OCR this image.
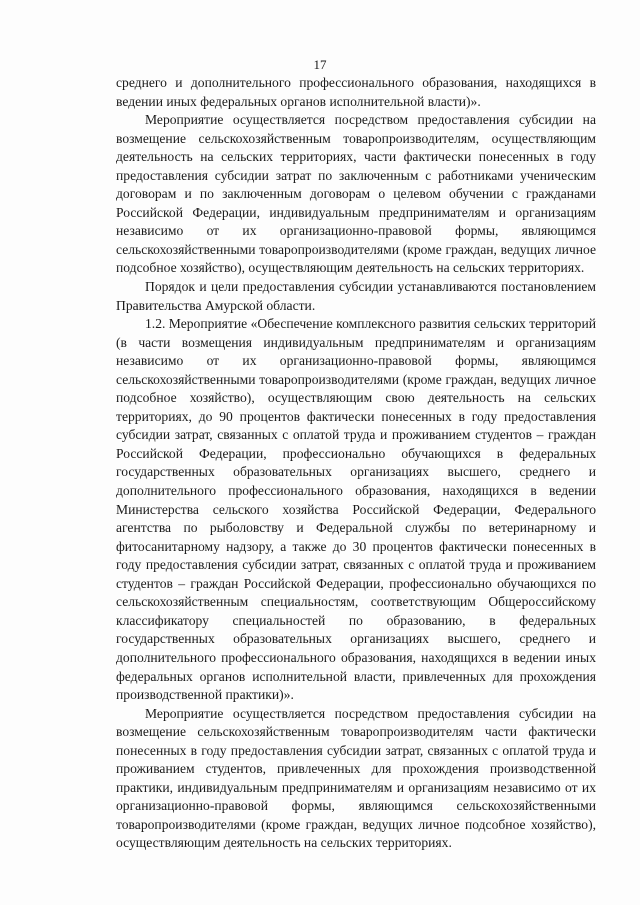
17

среднего и дополнительного профессионального образования, находящихся в ведении иных федеральных органов исполнительной власти)».

Мероприятие осуществляется посредством предоставления субсидии на возмещение сельскохозяйственным товаропроизводителям, осуществляющим деятельность на сельских территориях, части фактически понесенных в году предоставления субсидии затрат по заключенным с работниками ученическим договорам и по заключенным договорам о целевом обучении с гражданами Российской Федерации, индивидуальным предпринимателям и организациям независимо от их организационно-правовой формы, являющимся сельскохозяйственными товаропроизводителями (кроме граждан, ведущих личное подсобное хозяйство), осуществляющим деятельность на сельских территориях.

Порядок и цели предоставления субсидии устанавливаются постановлением Правительства Амурской области.

1.2. Мероприятие «Обеспечение комплексного развития сельских территорий (в части возмещения индивидуальным предпринимателям и организациям независимо от их организационно-правовой формы, являющимся сельскохозяйственными товаропроизводителями (кроме граждан, ведущих личное подсобное хозяйство), осуществляющим свою деятельность на сельских территориях, до 90 процентов фактически понесенных в году предоставления субсидии затрат, связанных с оплатой труда и проживанием студентов – граждан Российской Федерации, профессионально обучающихся в федеральных государственных образовательных организациях высшего, среднего и дополнительного профессионального образования, находящихся в ведении Министерства сельского хозяйства Российской Федерации, Федерального агентства по рыболовству и Федеральной службы по ветеринарному и фитосанитарному надзору, а также до 30 процентов фактически понесенных в году предоставления субсидии затрат, связанных с оплатой труда и проживанием студентов – граждан Российской Федерации, профессионально обучающихся по сельскохозяйственным специальностям, соответствующим Общероссийскому классификатору специальностей по образованию, в федеральных государственных образовательных организациях высшего, среднего и дополнительного профессионального образования, находящихся в ведении иных федеральных органов исполнительной власти, привлеченных для прохождения производственной практики)».

Мероприятие осуществляется посредством предоставления субсидии на возмещение сельскохозяйственным товаропроизводителям части фактически понесенных в году предоставления субсидии затрат, связанных с оплатой труда и проживанием студентов, привлеченных для прохождения производственной практики, индивидуальным предпринимателям и организациям независимо от их организационно-правовой формы, являющимся сельскохозяйственными товаропроизводителями (кроме граждан, ведущих личное подсобное хозяйство), осуществляющим деятельность на сельских территориях.
